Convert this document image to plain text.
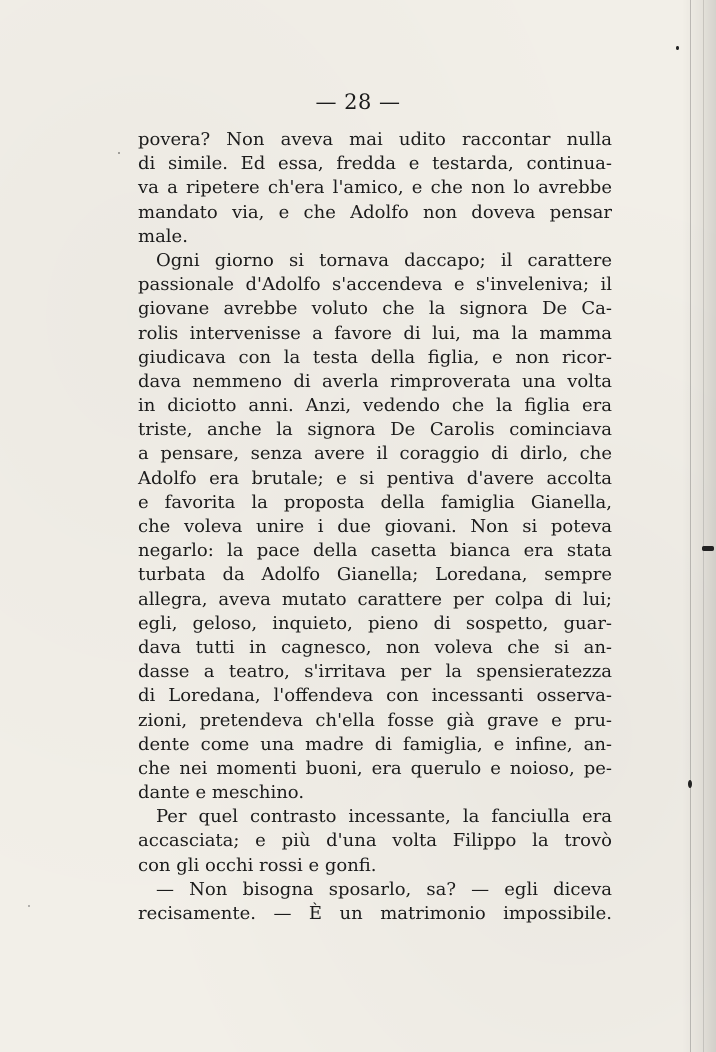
— 28 —
povera? Non aveva mai udito raccontar nulla
di simile. Ed essa, fredda e testarda, continua-
va a ripetere ch'era l'amico, e che non lo avrebbe
mandato via, e che Adolfo non doveva pensar
male.
Ogni giorno si tornava daccapo; il carattere
passionale d'Adolfo s'accendeva e s'inveleniva; il
giovane avrebbe voluto che la signora De Ca-
rolis intervenisse a favore di lui, ma la mamma
giudicava con la testa della figlia, e non ricor-
dava nemmeno di averla rimproverata una volta
in diciotto anni. Anzi, vedendo che la figlia era
triste, anche la signora De Carolis cominciava
a pensare, senza avere il coraggio di dirlo, che
Adolfo era brutale; e si pentiva d'avere accolta
e favorita la proposta della famiglia Gianella,
che voleva unire i due giovani. Non si poteva
negarlo: la pace della casetta bianca era stata
turbata da Adolfo Gianella; Loredana, sempre
allegra, aveva mutato carattere per colpa di lui;
egli, geloso, inquieto, pieno di sospetto, guar-
dava tutti in cagnesco, non voleva che si an-
dasse a teatro, s'irritava per la spensieratezza
di Loredana, l'offendeva con incessanti osserva-
zioni, pretendeva ch'ella fosse già grave e pru-
dente come una madre di famiglia, e infine, an-
che nei momenti buoni, era querulo e noioso, pe-
dante e meschino.
Per quel contrasto incessante, la fanciulla era
accasciata; e più d'una volta Filippo la trovò
con gli occhi rossi e gonfi.
— Non bisogna sposarlo, sa? — egli diceva
recisamente. — È un matrimonio impossibile.
